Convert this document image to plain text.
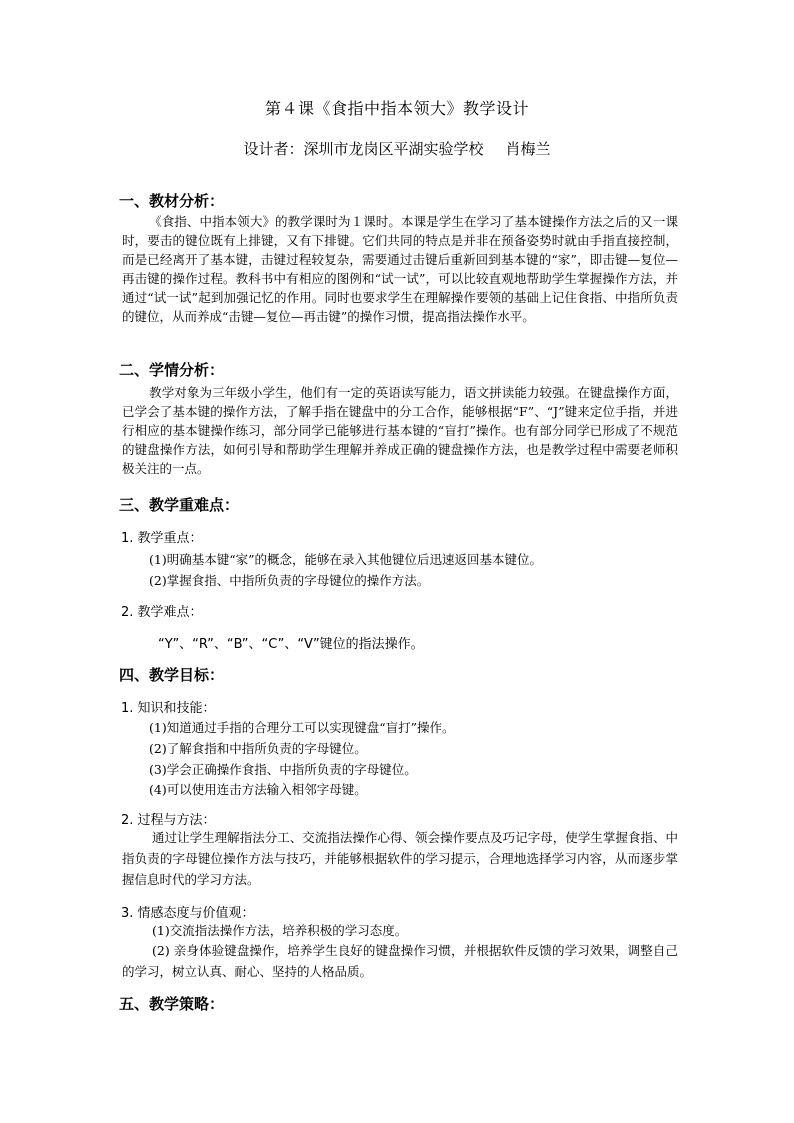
第４课《食指中指本领大》教学设计
设计者：深圳市龙岗区平湖实验学校 肖梅兰
一、教材分析：
《食指、中指本领大》的教学课时为１课时。本课是学生在学习了基本键操作方法之后的又一课时，要击的键位既有上排键，又有下排键。它们共同的特点是并非在预备姿势时就由手指直接控制，而是已经离开了基本键，击键过程较复杂，需要通过击键后重新回到基本键的“家”，即击键—复位—再击键的操作过程。教科书中有相应的图例和“试一试”，可以比较直观地帮助学生掌握操作方法，并通过“试一试”起到加强记忆的作用。同时也要求学生在理解操作要领的基础上记住食指、中指所负责的键位，从而养成“击键—复位—再击键”的操作习惯，提高指法操作水平。
二、学情分析：
教学对象为三年级小学生，他们有一定的英语读写能力，语文拼读能力较强。在键盘操作方面，已学会了基本键的操作方法，了解手指在键盘中的分工合作，能够根据“F”、“J”键来定位手指，并进行相应的基本键操作练习，部分同学已能够进行基本键的“盲打”操作。也有部分同学已形成了不规范的键盘操作方法，如何引导和帮助学生理解并养成正确的键盘操作方法，也是教学过程中需要老师积极关注的一点。
三、教学重难点：
1. 教学重点：
(1)明确基本键“家”的概念，能够在录入其他键位后迅速返回基本键位。
(2)掌握食指、中指所负责的字母键位的操作方法。
2. 教学难点：
“Y”、“R”、“B”、“C”、“V”键位的指法操作。
四、教学目标：
1. 知识和技能：
(1)知道通过手指的合理分工可以实现键盘“盲打”操作。
(2)了解食指和中指所负责的字母键位。
(3)学会正确操作食指、中指所负责的字母键位。
(4)可以使用连击方法输入相邻字母键。
2. 过程与方法：
通过让学生理解指法分工、交流指法操作心得、领会操作要点及巧记字母，使学生掌握食指、中指负责的字母键位操作方法与技巧，并能够根据软件的学习提示，合理地选择学习内容，从而逐步掌握信息时代的学习方法。
3. 情感态度与价值观：
(1)交流指法操作方法，培养积极的学习态度。
(2) 亲身体验键盘操作，培养学生良好的键盘操作习惯，并根据软件反馈的学习效果，调整自己的学习，树立认真、耐心、坚持的人格品质。
五、教学策略：
